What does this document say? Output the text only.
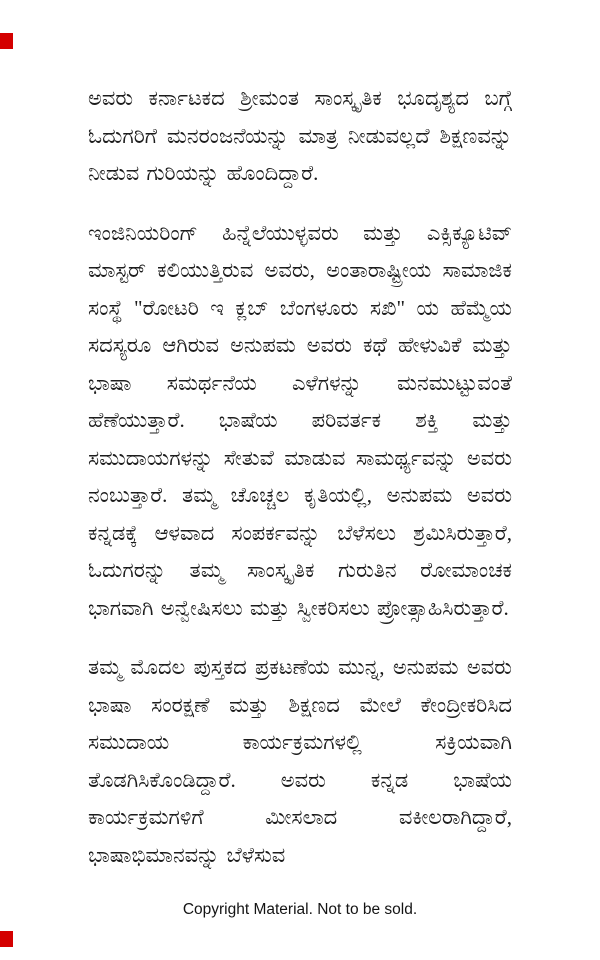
ಅವರು ಕರ್ನಾಟಕದ ಶ್ರೀಮಂತ ಸಾಂಸ್ಕೃತಿಕ ಭೂದೃಶ್ಯದ ಬಗ್ಗೆ ಓದುಗರಿಗೆ ಮನರಂಜನೆಯನ್ನು ಮಾತ್ರ ನೀಡುವಲ್ಲದೆ ಶಿಕ್ಷಣವನ್ನು ನೀಡುವ ಗುರಿಯನ್ನು ಹೊಂದಿದ್ದಾರೆ.

ಇಂಜಿನಿಯರಿಂಗ್ ಹಿನ್ನೆಲೆಯುಳ್ಳವರು ಮತ್ತು ಎಕ್ಸಿಕ್ಯೂಟಿವ್ ಮಾಸ್ಟರ್ ಕಲಿಯುತ್ತಿರುವ ಅವರು, ಅಂತಾರಾಷ್ಟ್ರೀಯ ಸಾಮಾಜಿಕ ಸಂಸ್ಥೆ "ರೋಟರಿ ಇ ಕ್ಲಬ್ ಬೆಂಗಳೂರು ಸಖಿ" ಯ ಹೆಮ್ಮೆಯ ಸದಸ್ಯರೂ ಆಗಿರುವ ಅನುಪಮ ಅವರು ಕಥೆ ಹೇಳುವಿಕೆ ಮತ್ತು ಭಾಷಾ ಸಮರ್ಥನೆಯ ಎಳೆಗಳನ್ನು ಮನಮುಟ್ಟುವಂತೆ ಹೆಣೆಯುತ್ತಾರೆ. ಭಾಷೆಯ ಪರಿವರ್ತಕ ಶಕ್ತಿ ಮತ್ತು ಸಮುದಾಯಗಳನ್ನು ಸೇತುವೆ ಮಾಡುವ ಸಾಮರ್ಥ್ಯವನ್ನು ಅವರು ನಂಬುತ್ತಾರೆ. ತಮ್ಮ ಚೊಚ್ಚಲ ಕೃತಿಯಲ್ಲಿ, ಅನುಪಮ ಅವರು ಕನ್ನಡಕ್ಕೆ ಆಳವಾದ ಸಂಪರ್ಕವನ್ನು ಬೆಳೆಸಲು ಶ್ರಮಿಸಿರುತ್ತಾರೆ, ಓದುಗರನ್ನು ತಮ್ಮ ಸಾಂಸ್ಕೃತಿಕ ಗುರುತಿನ ರೋಮಾಂಚಕ ಭಾಗವಾಗಿ ಅನ್ವೇಷಿಸಲು ಮತ್ತು ಸ್ವೀಕರಿಸಲು ಪ್ರೋತ್ಸಾಹಿಸಿರುತ್ತಾರೆ.

ತಮ್ಮ ಮೊದಲ ಪುಸ್ತಕದ ಪ್ರಕಟಣೆಯ ಮುನ್ನ, ಅನುಪಮ ಅವರು ಭಾಷಾ ಸಂರಕ್ಷಣೆ ಮತ್ತು ಶಿಕ್ಷಣದ ಮೇಲೆ ಕೇಂದ್ರೀಕರಿಸಿದ ಸಮುದಾಯ ಕಾರ್ಯಕ್ರಮಗಳಲ್ಲಿ ಸಕ್ರಿಯವಾಗಿ ತೊಡಗಿಸಿಕೊಂಡಿದ್ದಾರೆ. ಅವರು ಕನ್ನಡ ಭಾಷೆಯ ಕಾರ್ಯಕ್ರಮಗಳಿಗೆ ಮೀಸಲಾದ ವಕೀಲರಾಗಿದ್ದಾರೆ, ಭಾಷಾಭಿಮಾನವನ್ನು ಬೆಳೆಸುವ

Copyright Material. Not to be sold.
